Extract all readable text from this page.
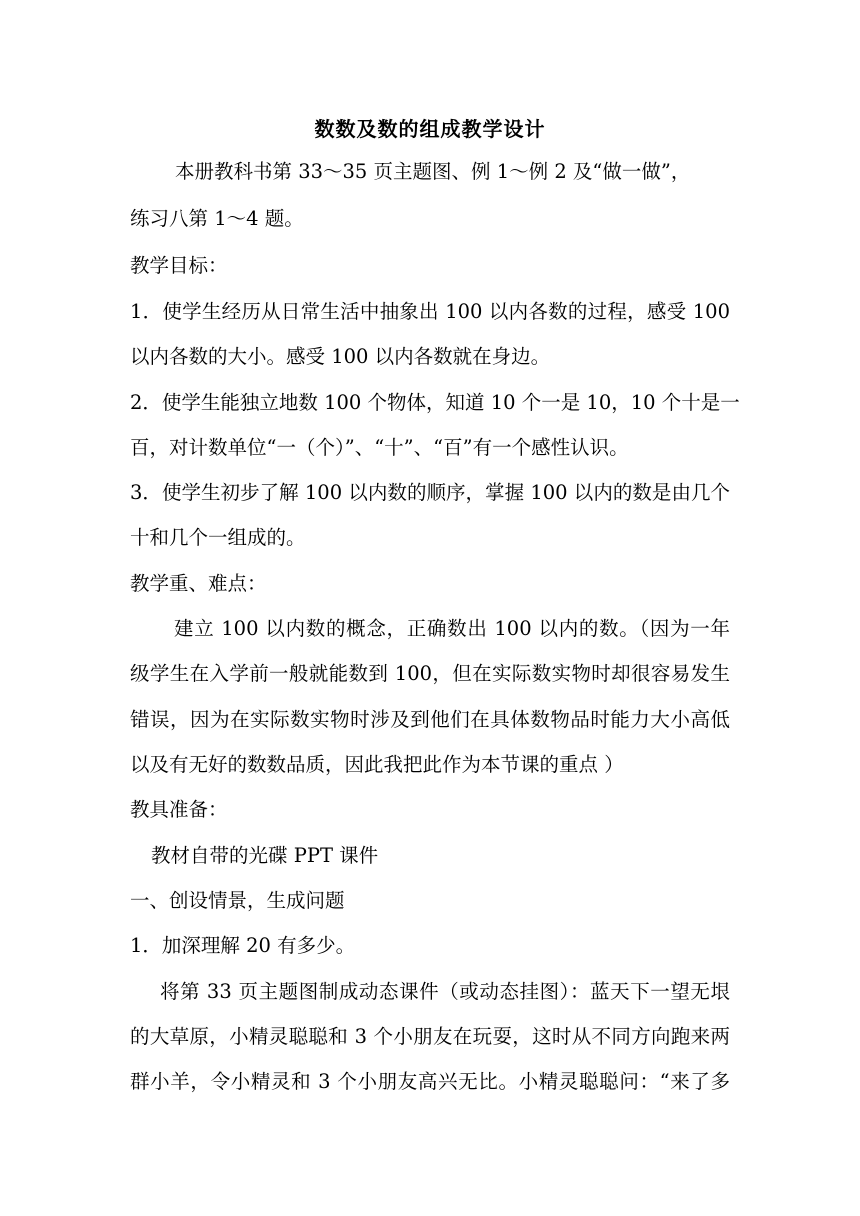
数数及数的组成教学设计
本册教科书第 33～35 页主题图、例 1～例 2 及“做一做”，
练习八第 1～4 题。
教学目标：
1．使学生经历从日常生活中抽象出 100 以内各数的过程，感受 100
以内各数的大小。感受 100 以内各数就在身边。
2．使学生能独立地数 100 个物体，知道 10 个一是 10，10 个十是一
百，对计数单位“一（个）”、“十”、“百”有一个感性认识。
3．使学生初步了解 100 以内数的顺序，掌握 100 以内的数是由几个
十和几个一组成的。
教学重、难点：
建立 100 以内数的概念，正确数出 100 以内的数。（因为一年
级学生在入学前一般就能数到 100，但在实际数实物时却很容易发生
错误，因为在实际数实物时涉及到他们在具体数物品时能力大小高低
以及有无好的数数品质，因此我把此作为本节课的重点 ）
教具准备：
教材自带的光碟 PPT 课件
一、创设情景，生成问题
1．加深理解 20 有多少。
将第 33 页主题图制成动态课件（或动态挂图）：蓝天下一望无垠
的大草原，小精灵聪聪和 3 个小朋友在玩耍，这时从不同方向跑来两
群小羊，令小精灵和 3 个小朋友高兴无比。小精灵聪聪问：“来了多
